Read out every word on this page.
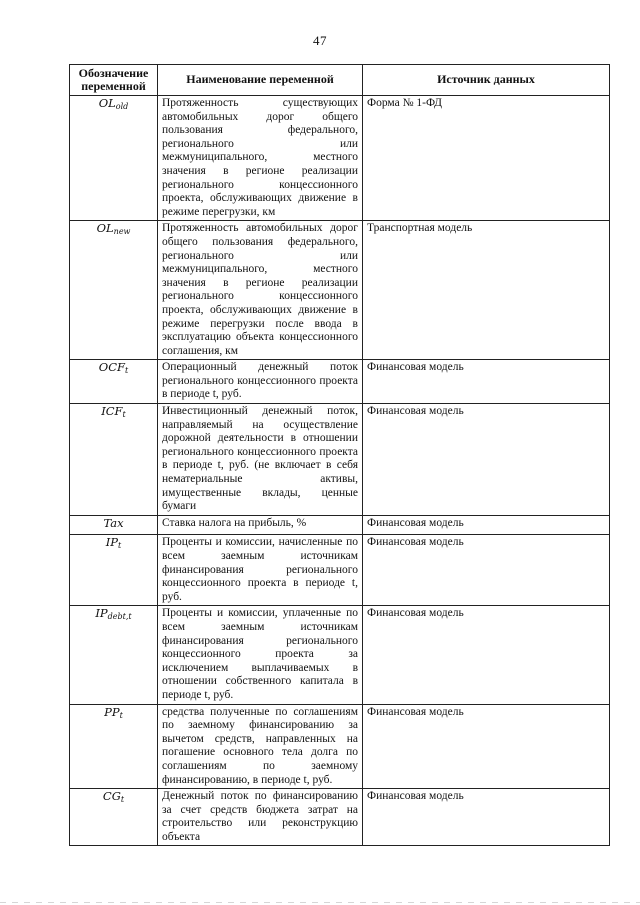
47
Обозначение переменной	Наименование переменной	Источник данных
$OL_{old}$	Протяженность существующих автомобильных дорог общего пользования федерального, регионального или межмуниципального, местного значения в регионе реализации регионального концессионного проекта, обслуживающих движение в режиме перегрузки, км	Форма № 1-ФД
$OL_{new}$	Протяженность автомобильных дорог общего пользования федерального, регионального или межмуниципального, местного значения в регионе реализации регионального концессионного проекта, обслуживающих движение в режиме перегрузки после ввода в эксплуатацию объекта концессионного соглашения, км	Транспортная модель
$OCF_t$	Операционный денежный поток регионального концессионного проекта в периоде t, руб.	Финансовая модель
$ICF_t$	Инвестиционный денежный поток, направляемый на осуществление дорожной деятельности в отношении регионального концессионного проекта в периоде t, руб. (не включает в себя нематериальные активы, имущественные вклады, ценные бумаги	Финансовая модель
Tax	Ставка налога на прибыль, %	Финансовая модель
$IP_t$	Проценты и комиссии, начисленные по всем заемным источникам финансирования регионального концессионного проекта в периоде t, руб.	Финансовая модель
$IP_{debt,t}$	Проценты и комиссии, уплаченные по всем заемным источникам финансирования регионального концессионного проекта за исключением выплачиваемых в отношении собственного капитала в периоде t, руб.	Финансовая модель
$PP_t$	средства полученные по соглашениям по заемному финансированию за вычетом средств, направленных на погашение основного тела долга по соглашениям по заемному финансированию, в периоде t, руб.	Финансовая модель
$CG_t$	Денежный поток по финансированию за счет средств бюджета затрат на строительство или реконструкцию объекта	Финансовая модель
